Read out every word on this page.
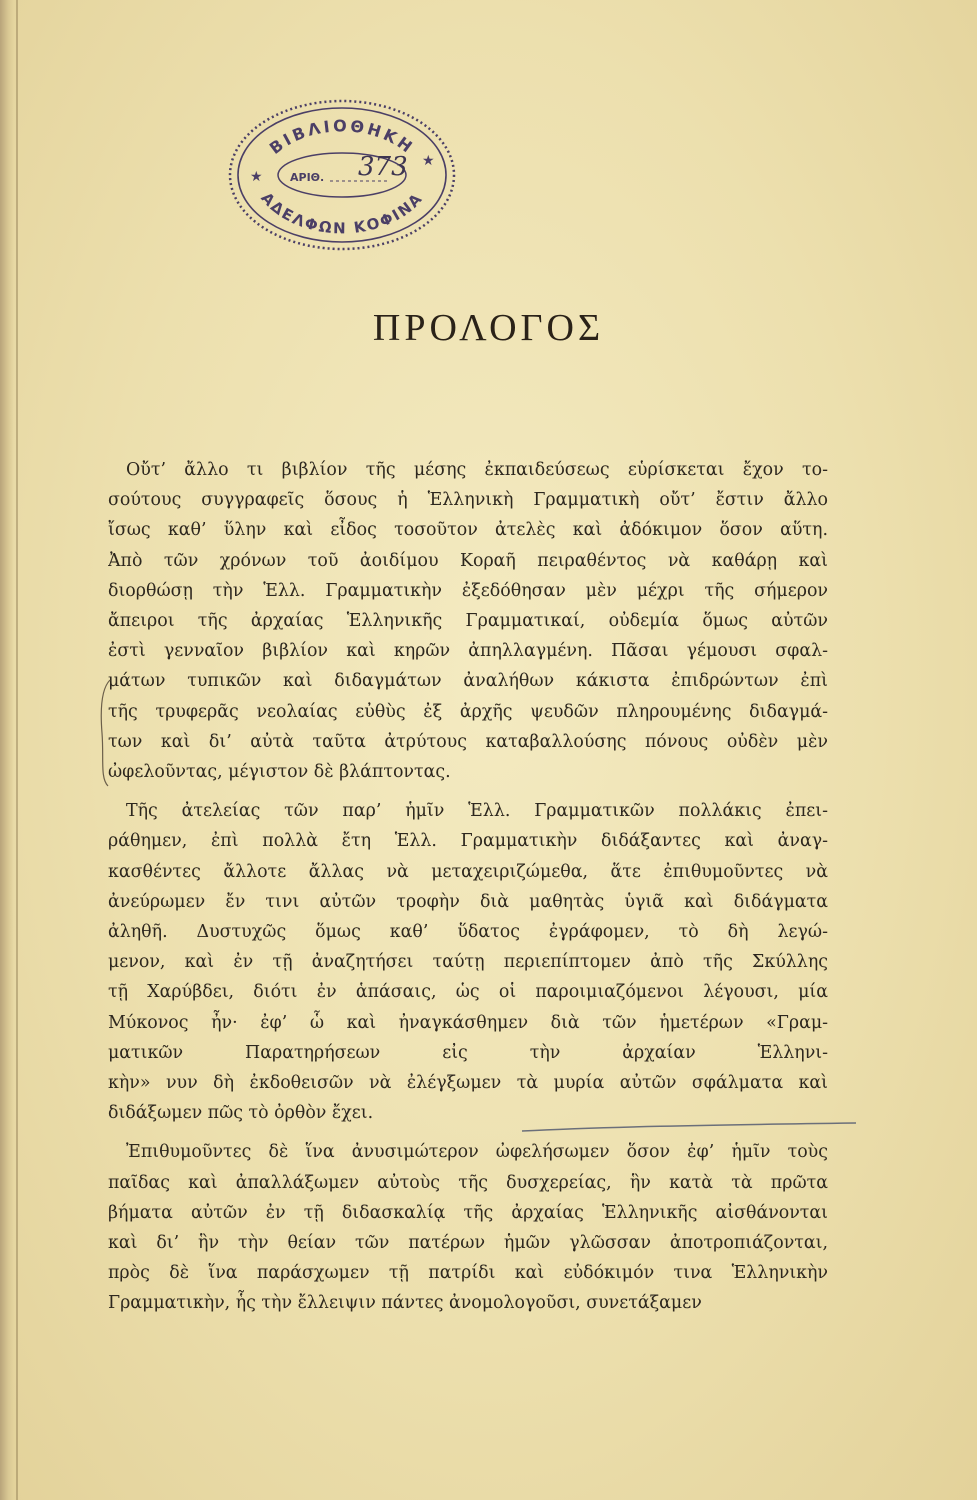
ΒΙΒΛΙΟΘΗΚΗ
ΑΔΕΛΦΩΝ ΚΟΦΙΝΑ
★
★
ΑΡΙΘ. 373
ΠΡΟΛΟΓΟΣ
Οὔτ’ ἄλλο τι βιβλίον τῆς μέσης ἐκπαιδεύσεως εὑρίσκεται ἔχον το-
σούτους συγγραφεῖς ὅσους ἡ Ἑλληνικὴ Γραμματικὴ οὔτ’ ἔστιν ἄλλο
ἴσως καθ’ ὕλην καὶ εἶδος τοσοῦτον ἀτελὲς καὶ ἀδόκιμον ὅσον αὕτη.
Ἀπὸ τῶν χρόνων τοῦ ἀοιδίμου Κοραῆ πειραθέντος νὰ καθάρῃ καὶ
διορθώσῃ τὴν Ἑλλ. Γραμματικὴν ἐξεδόθησαν μὲν μέχρι τῆς σήμερον
ἄπειροι τῆς ἀρχαίας Ἑλληνικῆς Γραμματικαί, οὐδεμία ὅμως αὐτῶν
ἐστὶ γενναῖον βιβλίον καὶ κηρῶν ἀπηλλαγμένη. Πᾶσαι γέμουσι σφαλ-
μάτων τυπικῶν καὶ διδαγμάτων ἀναλήθων κάκιστα ἐπιδρώντων ἐπὶ
τῆς τρυφερᾶς νεολαίας εὐθὺς ἐξ ἀρχῆς ψευδῶν πληρουμένης διδαγμά-
των καὶ δι’ αὐτὰ ταῦτα ἀτρύτους καταβαλλούσης πόνους οὐδὲν μὲν
ὠφελοῦντας, μέγιστον δὲ βλάπτοντας.
Τῆς ἀτελείας τῶν παρ’ ἡμῖν Ἑλλ. Γραμματικῶν πολλάκις ἐπει-
ράθημεν, ἐπὶ πολλὰ ἔτη Ἑλλ. Γραμματικὴν διδάξαντες καὶ ἀναγ-
κασθέντες ἄλλοτε ἄλλας νὰ μεταχειριζώμεθα, ἅτε ἐπιθυμοῦντες νὰ
ἀνεύρωμεν ἔν τινι αὐτῶν τροφὴν διὰ μαθητὰς ὑγιᾶ καὶ διδάγματα
ἀληθῆ. Δυστυχῶς ὅμως καθ’ ὕδατος ἐγράφομεν, τὸ δὴ λεγώ-
μενον, καὶ ἐν τῇ ἀναζητήσει ταύτῃ περιεπίπτομεν ἀπὸ τῆς Σκύλλης
τῇ Χαρύβδει, διότι ἐν ἁπάσαις, ὡς οἱ παροιμιαζόμενοι λέγουσι, μία
Μύκονος ἦν· ἐφ’ ὧ καὶ ἠναγκάσθημεν διὰ τῶν ἡμετέρων «Γραμ-
ματικῶν Παρατηρήσεων εἰς τὴν ἀρχαίαν Ἑλληνι-
κὴν» νυν δὴ ἐκδοθεισῶν νὰ ἐλέγξωμεν τὰ μυρία αὐτῶν σφάλματα καὶ
διδάξωμεν πῶς τὸ ὀρθὸν ἔχει.
Ἐπιθυμοῦντες δὲ ἵνα ἀνυσιμώτερον ὠφελήσωμεν ὅσον ἐφ’ ἡμῖν τοὺς
παῖδας καὶ ἀπαλλάξωμεν αὐτοὺς τῆς δυσχερείας, ἣν κατὰ τὰ πρῶτα
βήματα αὐτῶν ἐν τῇ διδασκαλίᾳ τῆς ἀρχαίας Ἑλληνικῆς αἰσθάνονται
καὶ δι’ ἣν τὴν θείαν τῶν πατέρων ἡμῶν γλῶσσαν ἀποτροπιάζονται,
πρὸς δὲ ἵνα παράσχωμεν τῇ πατρίδι καὶ εὐδόκιμόν τινα Ἑλληνικὴν
Γραμματικὴν, ἧς τὴν ἔλλειψιν πάντες ἀνομολογοῦσι, συνετάξαμεν
